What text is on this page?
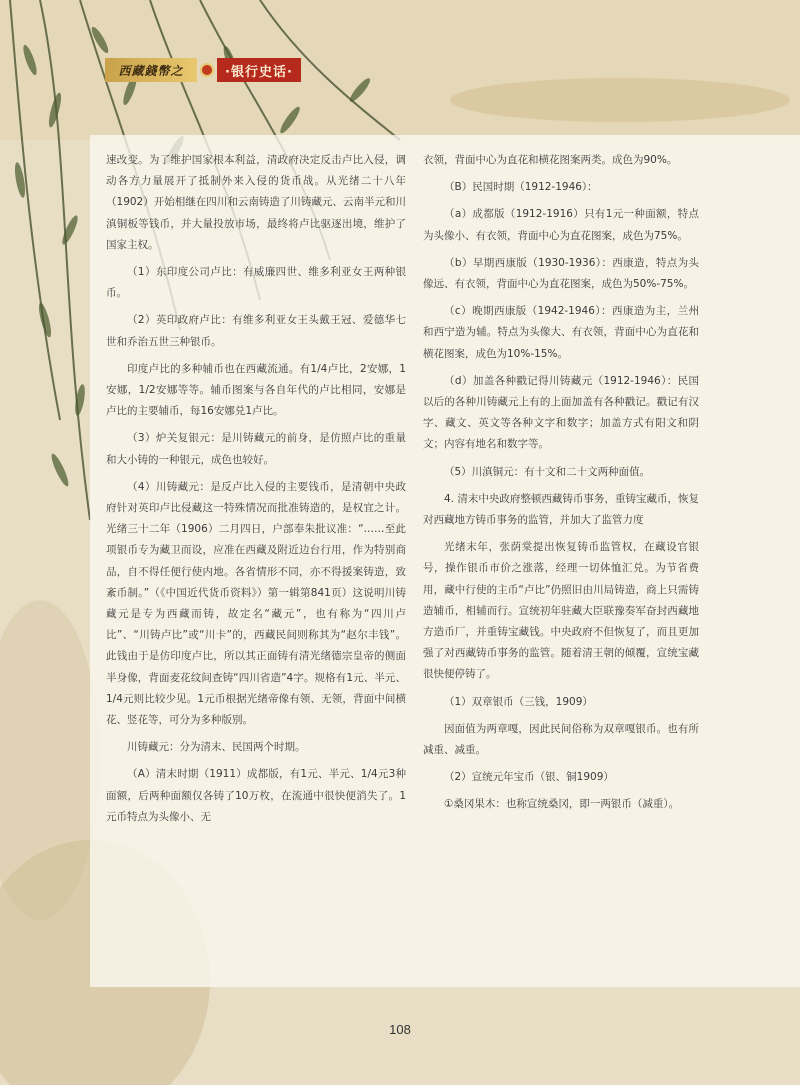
西藏錢幣之	·银行史话·

速改变。为了维护国家根本利益，清政府决定反击卢比入侵，调动各方力量展开了抵制外来入侵的货币战。从光绪二十八年（1902）开始相继在四川和云南铸造了川铸藏元、云南半元和川滇铜板等钱币，并大量投放市场，最终将卢比驱逐出境，维护了国家主权。

（1）东印度公司卢比：有威廉四世、维多利亚女王两种银币。

（2）英印政府卢比：有维多利亚女王头戴王冠、爱德华七世和乔治五世三种银币。

印度卢比的多种辅币也在西藏流通。有1/4卢比，2安娜，1安娜，1/2安娜等等。辅币图案与各自年代的卢比相同，安娜是卢比的主要辅币，每16安娜兑1卢比。

（3）炉关复银元：是川铸藏元的前身，是仿照卢比的重量和大小铸的一种银元，成色也较好。

（4）川铸藏元：是反卢比入侵的主要钱币，是清朝中央政府针对英印卢比侵藏这一特殊情况而批准铸造的，是权宜之计。光绪三十二年（1906）二月四日，户部奉朱批议准：“……至此项银币专为藏卫而设，应准在西藏及附近边台行用，作为特别商品，自不得任便行使内地。各省情形不同，亦不得援案铸造，致紊币制。”（《中国近代货币资料》）第一辑第841页）这说明川铸藏元是专为西藏而铸，故定名“藏元”，也有称为“四川卢比”、“川铸卢比”或“川卡”的，西藏民间则称其为“赵尔丰钱”。此钱由于是仿印度卢比，所以其正面铸有清光绪德宗皇帝的侧面半身像，背面麦花纹间查铸“四川省造”4字。规格有1元、半元、1/4元则比较少见。1元币根据光绪帝像有领、无领，背面中间横花、竖花等，可分为多种版别。

川铸藏元：分为清末、民国两个时期。

（A）清末时期（1911）成都版，有1元、半元、1/4元3种面额，后两种面额仅各铸了10万枚，在流通中很快便消失了。1元币特点为头像小、无

衣领，背面中心为直花和横花图案两类。成色为90%。

（B）民国时期（1912-1946）：

（a）成都版（1912-1916）只有1元一种面额，特点为头像小、有衣领，背面中心为直花图案，成色为75%。

（b）早期西康版（1930-1936）：西康造，特点为头像远、有衣领，背面中心为直花图案，成色为50%-75%。

（c）晚期西康版（1942-1946）：西康造为主，兰州和西宁造为辅。特点为头像大、有衣领，背面中心为直花和横花图案，成色为10%-15%。

（d）加盖各种戳记得川铸藏元（1912-1946）：民国以后的各种川铸藏元上有的上面加盖有各种戳记。戳记有汉字、藏文、英文等各种文字和数字；加盖方式有阳文和阴文；内容有地名和数字等。

（5）川滇铜元：有十文和二十文两种面值。

4. 清末中央政府整顿西藏铸币事务，重铸宝藏币，恢复对西藏地方铸币事务的监管，并加大了监管力度

光绪末年，张荫棠提出恢复铸币监管权，在藏设官银号，操作银币市价之涨落，经理一切体恤汇兑。为节省费用，藏中行使的主币“卢比”仍照旧由川局铸造，商上只需铸造辅币，相辅而行。宣统初年驻藏大臣联豫奏军奋封西藏地方造币厂，并重铸宝藏钱。中央政府不但恢复了，而且更加强了对西藏铸币事务的监管。随着清王朝的倾覆，宣统宝藏很快便停铸了。

（1）双章银币（三钱，1909）

因面值为两章嘎，因此民间俗称为双章嘎银币。也有所减重、减重。

（2）宣统元年宝币（银、铜1909）

①桑冈果木：也称宣统桑冈，即一两银币（减重）。

108
